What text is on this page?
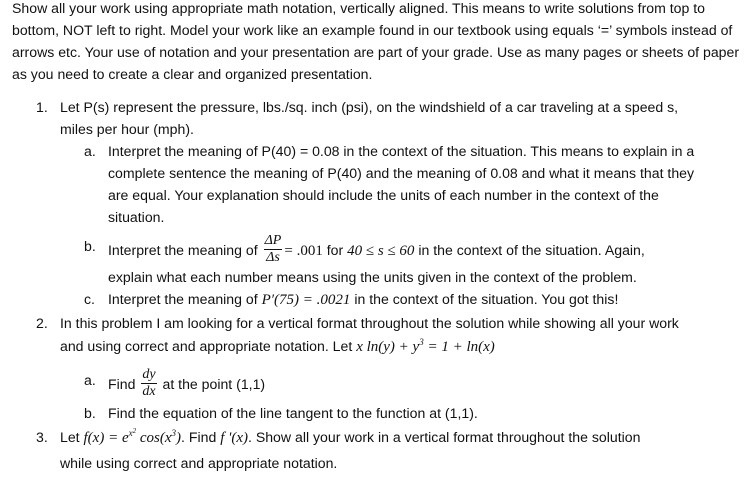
Show all your work using appropriate math notation, vertically aligned. This means to write solutions from top to bottom, NOT left to right. Model your work like an example found in our textbook using equals ‘=’ symbols instead of arrows etc. Your use of notation and your presentation are part of your grade. Use as many pages or sheets of paper as you need to create a clear and organized presentation.
1. Let P(s) represent the pressure, lbs./sq. inch (psi), on the windshield of a car traveling at a speed s,
miles per hour (mph).
a. Interpret the meaning of P(40) = 0.08 in the context of the situation. This means to explain in a
complete sentence the meaning of P(40) and the meaning of 0.08 and what it means that they
are equal. Your explanation should include the units of each number in the context of the
situation.
b. Interpret the meaning of $\frac{\Delta P}{\Delta s} = .001$ for 40 ≤ s ≤ 60 in the context of the situation. Again,
explain what each number means using the units given in the context of the problem.
c. Interpret the meaning of P′(75) = .0021 in the context of the situation. You got this!
2. In this problem I am looking for a vertical format throughout the solution while showing all your work
and using correct and appropriate notation. Let x $\ln(y) + y^3 = 1 + \ln(x)$
a. Find $\frac{dy}{dx}$ at the point (1,1)
b. Find the equation of the line tangent to the function at (1,1).
3. Let $f(x) = e^{x^2}$ $\cos(x^3)$. Find f '(x). Show all your work in a vertical format throughout the solution
while using correct and appropriate notation.
